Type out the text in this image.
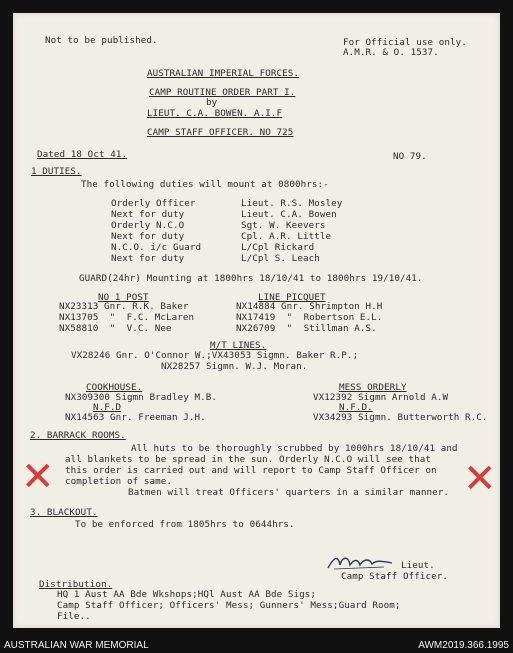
Not to be published.	For Official use only.
A.M.R. & O. 1537.
AUSTRALIAN IMPERIAL FORCES.
CAMP ROUTINE ORDER PART I.
by
LIEUT. C.A. BOWEN. A.I.F
CAMP STAFF OFFICER. NO 725
Dated 18 Oct 41.	NO 79.
1 DUTIES.
The following duties will mount at 0800hrs:-
Orderly Officer	Lieut. R.S. Mosley
Next for duty	Lieut. C.A. Bowen
Orderly N.C.O	Sgt. W. Keevers
Next for duty	Cpl. A.R. Little
N.C.O. i/c Guard	L/Cpl Rickard
Next for duty	L/Cpl S. Leach
GUARD(24hr) Mounting at 1800hrs 18/10/41 to 1800hrs 19/10/41.
NO 1 POST
NX23313 Gnr. R.K. Baker
NX13705  "  F.C. McLaren
NX58810  "  V.C. Nee
LINE PICQUET
NX14884 Gnr. Shrimpton H.H
NX17419  "  Robertson E.L.
NX26709  "  Stillman A.S.
M/T LINES.
VX28246 Gnr. O'Connor W.;VX43053 Sigmn. Baker R.P.;
NX28257 Sigmn. W.J. Moran.
COOKHOUSE.
NX309300 Sigmn Bradley M.B.
N.F.D
NX14563 Gnr. Freeman J.H.
MESS ORDERLY
VX12392 Sigmn Arnold A.W
N.F.D.
VX34293 Sigmn. Butterworth R.C.
2. BARRACK ROOMS.
All huts to be thoroughly scrubbed by 1000hrs 18/10/41 and
all blankets to be spread in the sun. Orderly N.C.O will see that
this order is carried out and will report to Camp Staff Officer on
completion of same.
Batmen will treat Officers' quarters in a similar manner.
✕	✕
3. BLACKOUT.
To be enforced from 1805hrs to 0644hrs.
Lieut.
Camp Staff Officer.
Distribution.
HQ 1 Aust AA Bde Wkshops;HQl Aust AA Bde Sigs;
Camp Staff Officer; Officers' Mess; Gunners' Mess;Guard Room;
File..
AUSTRALIAN WAR MEMORIAL	AWM2019.366.1995
